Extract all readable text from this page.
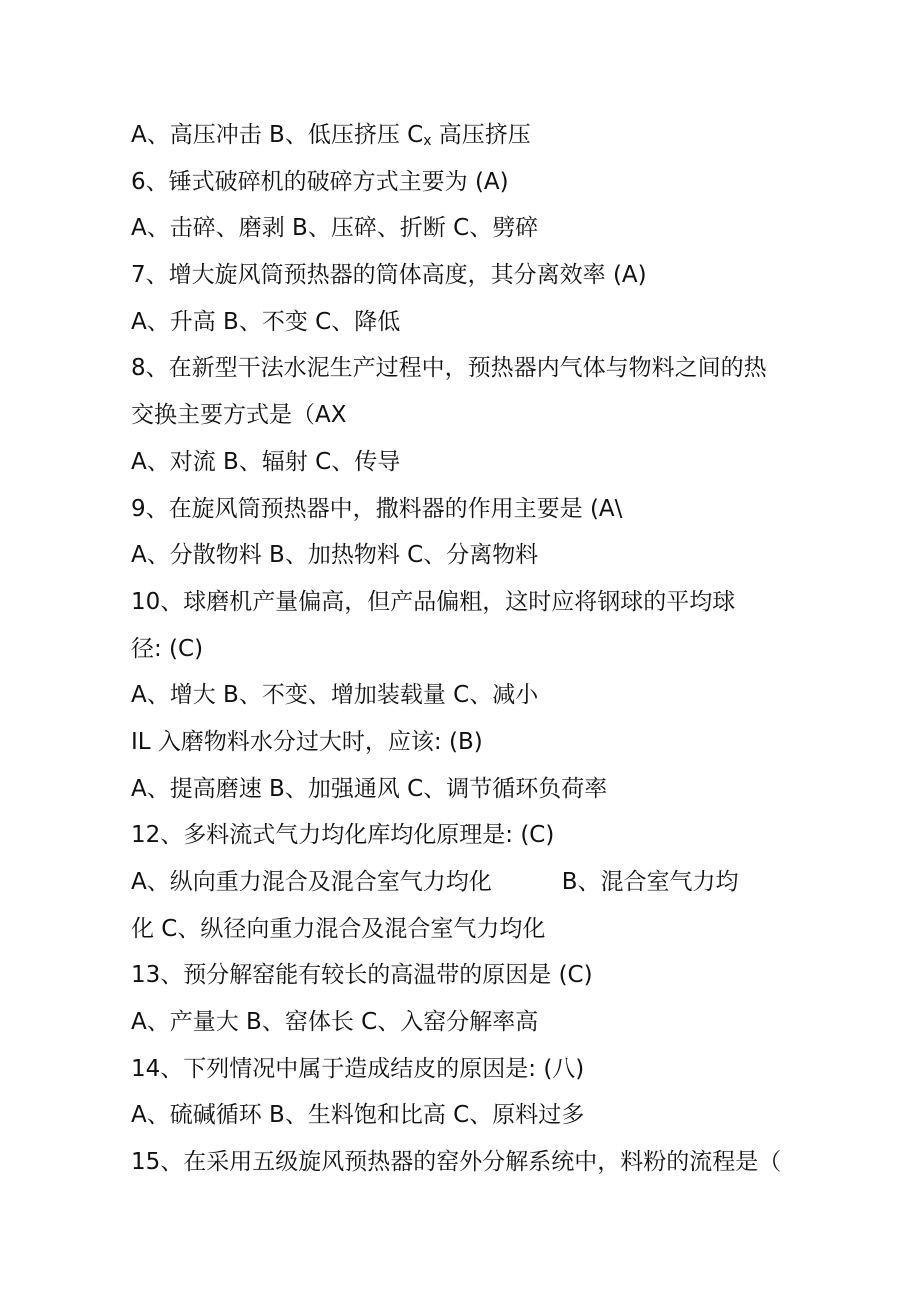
A、高压冲击 B、低压挤压 $C_x$ 高压挤压
6、锤式破碎机的破碎方式主要为 (A)
A、击碎、磨剥 B、压碎、折断 C、劈碎
7、增大旋风筒预热器的筒体高度，其分离效率 (A)
A、升高 B、不变 C、降低
8、在新型干法水泥生产过程中，预热器内气体与物料之间的热
交换主要方式是（AX
A、对流 B、辐射 C、传导
9、在旋风筒预热器中，撒料器的作用主要是 (A\
A、分散物料 B、加热物料 C、分离物料
10、球磨机产量偏高，但产品偏粗，这时应将钢球的平均球
径: (C)
A、增大 B、不变、增加装载量 C、减小
IL 入磨物料水分过大时，应该: (B)
A、提高磨速 B、加强通风 C、调节循环负荷率
12、多料流式气力均化库均化原理是: (C)
A、纵向重力混合及混合室气力均化	B、混合室气力均
化 C、纵径向重力混合及混合室气力均化
13、预分解窑能有较长的高温带的原因是 (C)
A、产量大 B、窑体长 C、入窑分解率高
14、下列情况中属于造成结皮的原因是: (八)
A、硫碱循环 B、生料饱和比高 C、原料过多
15、在采用五级旋风预热器的窑外分解系统中，料粉的流程是（
